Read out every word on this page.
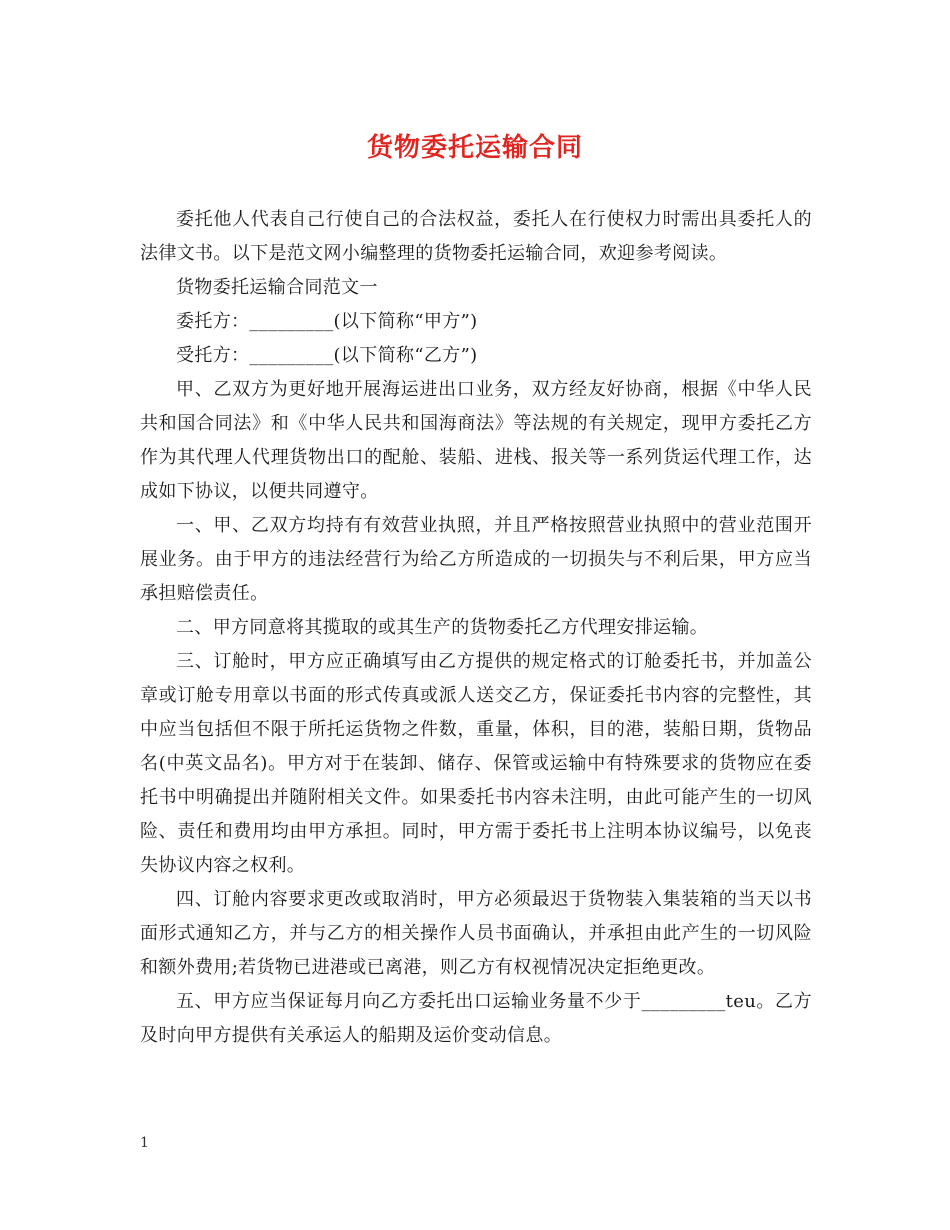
货物委托运输合同

委托他人代表自己行使自己的合法权益，委托人在行使权力时需出具委托人的法律文书。以下是范文网小编整理的货物委托运输合同，欢迎参考阅读。

货物委托运输合同范文一

委托方：_________(以下简称“甲方”)

受托方：_________(以下简称“乙方”)

甲、乙双方为更好地开展海运进出口业务，双方经友好协商，根据《中华人民共和国合同法》和《中华人民共和国海商法》等法规的有关规定，现甲方委托乙方作为其代理人代理货物出口的配舱、装船、进栈、报关等一系列货运代理工作，达成如下协议，以便共同遵守。

一、甲、乙双方均持有有效营业执照，并且严格按照营业执照中的营业范围开展业务。由于甲方的违法经营行为给乙方所造成的一切损失与不利后果，甲方应当承担赔偿责任。

二、甲方同意将其揽取的或其生产的货物委托乙方代理安排运输。

三、订舱时，甲方应正确填写由乙方提供的规定格式的订舱委托书，并加盖公章或订舱专用章以书面的形式传真或派人送交乙方，保证委托书内容的完整性，其中应当包括但不限于所托运货物之件数，重量，体积，目的港，装船日期，货物品名(中英文品名)。甲方对于在装卸、储存、保管或运输中有特殊要求的货物应在委托书中明确提出并随附相关文件。如果委托书内容未注明，由此可能产生的一切风险、责任和费用均由甲方承担。同时，甲方需于委托书上注明本协议编号，以免丧失协议内容之权利。

四、订舱内容要求更改或取消时，甲方必须最迟于货物装入集装箱的当天以书面形式通知乙方，并与乙方的相关操作人员书面确认，并承担由此产生的一切风险和额外费用;若货物已进港或已离港，则乙方有权视情况决定拒绝更改。

五、甲方应当保证每月向乙方委托出口运输业务量不少于_________teu。乙方及时向甲方提供有关承运人的船期及运价变动信息。

1
